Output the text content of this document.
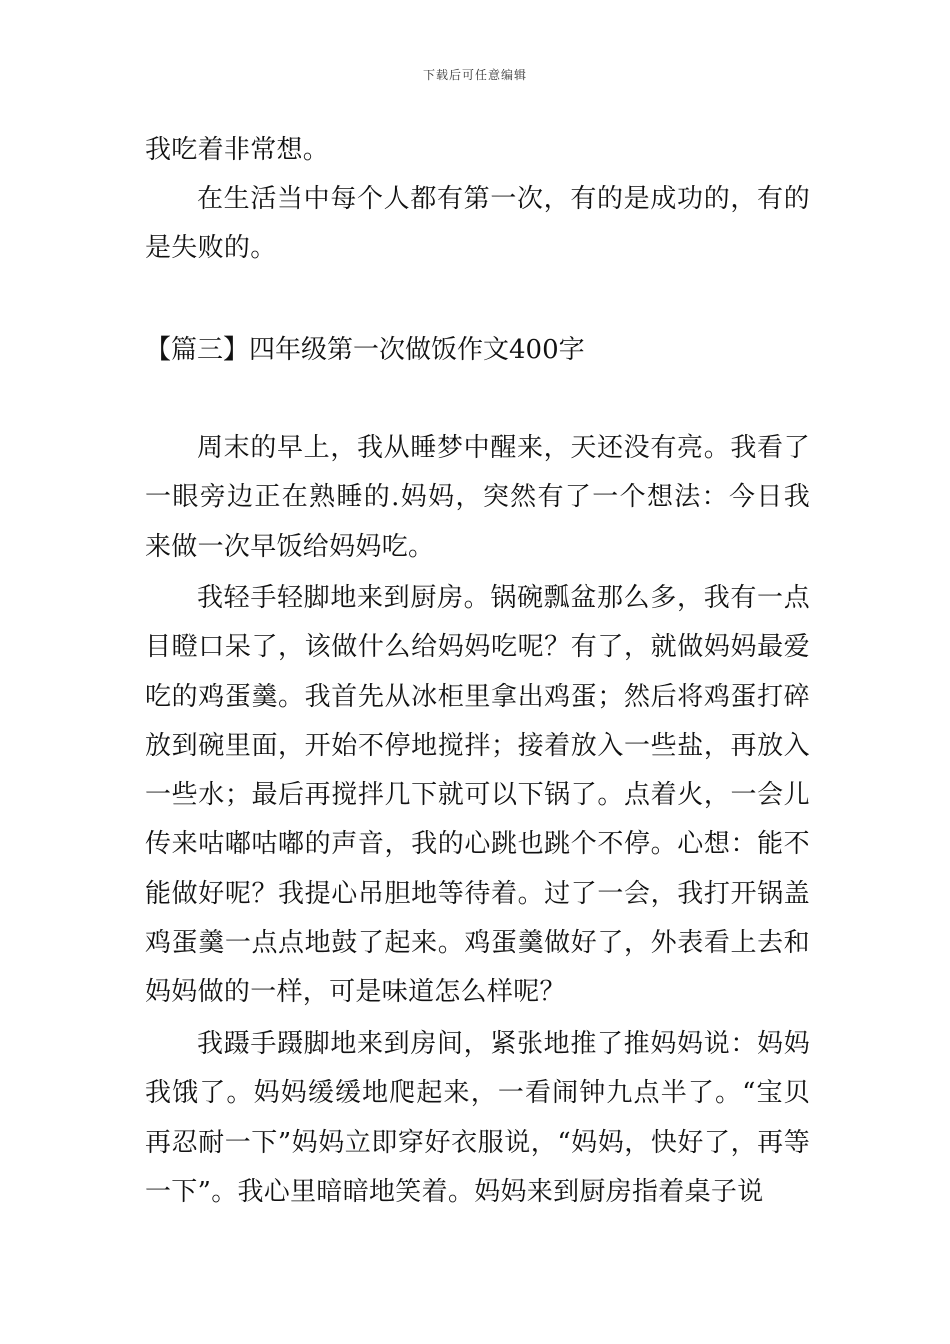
下载后可任意编辑

我吃着非常想。

在生活当中每个人都有第一次，有的是成功的，有的是失败的。

【篇三】四年级第一次做饭作文400字

周末的早上，我从睡梦中醒来，天还没有亮。我看了一眼旁边正在熟睡的.妈妈，突然有了一个想法：今日我来做一次早饭给妈妈吃。

我轻手轻脚地来到厨房。锅碗瓢盆那么多，我有一点目瞪口呆了，该做什么给妈妈吃呢？有了，就做妈妈最爱吃的鸡蛋羹。我首先从冰柜里拿出鸡蛋；然后将鸡蛋打碎放到碗里面，开始不停地搅拌；接着放入一些盐，再放入一些水；最后再搅拌几下就可以下锅了。点着火，一会儿传来咕嘟咕嘟的声音，我的心跳也跳个不停。心想：能不能做好呢？我提心吊胆地等待着。过了一会，我打开锅盖鸡蛋羹一点点地鼓了起来。鸡蛋羹做好了，外表看上去和妈妈做的一样，可是味道怎么样呢？

我蹑手蹑脚地来到房间，紧张地推了推妈妈说：妈妈我饿了。妈妈缓缓地爬起来，一看闹钟九点半了。“宝贝再忍耐一下”妈妈立即穿好衣服说，“妈妈，快好了，再等一下”。我心里暗暗地笑着。妈妈来到厨房指着桌子说
